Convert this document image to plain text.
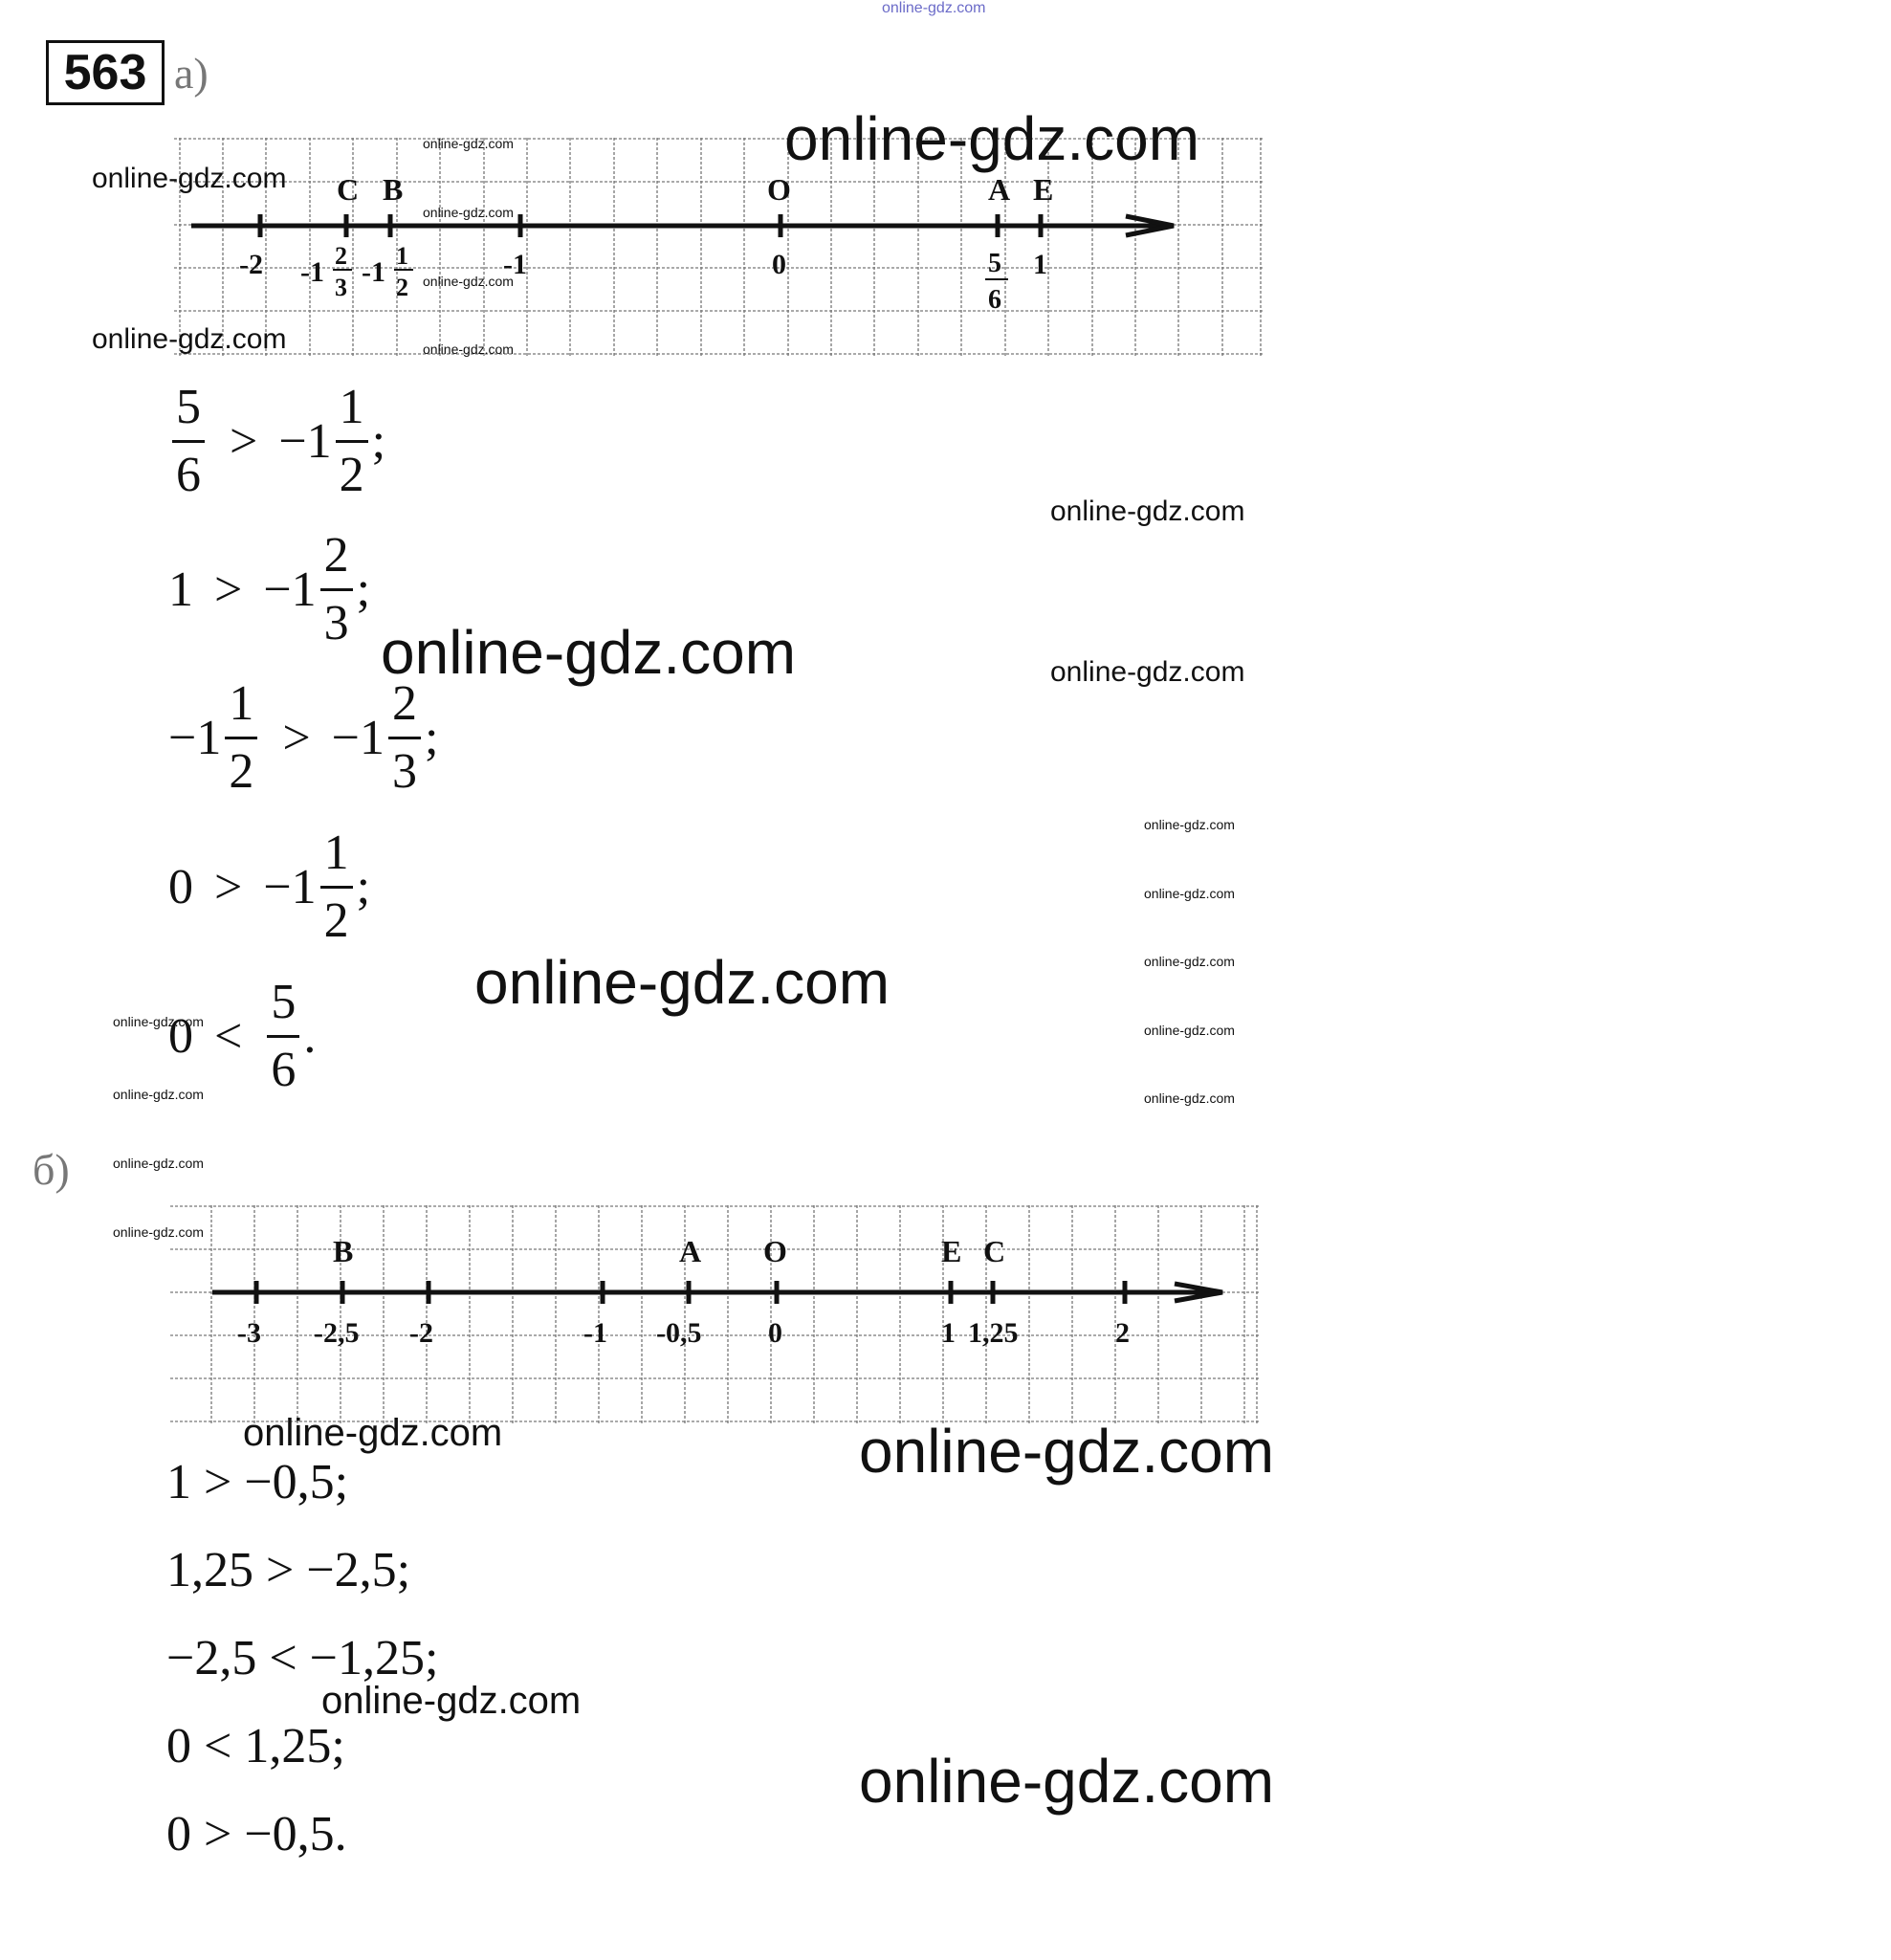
online-gdz.com
563 а)
C B	O	A E
-2 -1
2
3 -1
1
2
-1	0	5
6
1
$\frac{5}{6} > -1 \frac{1}{2}$ ;
$1 > -1 \frac{2}{3}$ ;
$-1 \frac{1}{2} > -1 \frac{2}{3}$ ;
$0 > -1 \frac{1}{2}$ ;
$0 < \frac{5}{6}$ .
б)
B	A O	E C
-3 -2,5 -2	-1 -0,5 0	1 1,25	2
1 > −0,5;
1,25 > −2,5;
−2,5 < −1,25;
0 < 1,25;
0 > −0,5.
online-gdz.com
online-gdz.com
online-gdz.com
online-gdz.com
online-gdz.com
online-gdz.com
online-gdz.com
online-gdz.com
online-gdz.com	online-gdz.com
online-gdz.com
online-gdz.com
online-gdz.com
online-gdz.com
online-gdz.com
online-gdz.com
online-gdz.com
online-gdz.com
online-gdz.com
online-gdz.com
online-gdz.com	online-gdz.com
online-gdz.com
online-gdz.com
